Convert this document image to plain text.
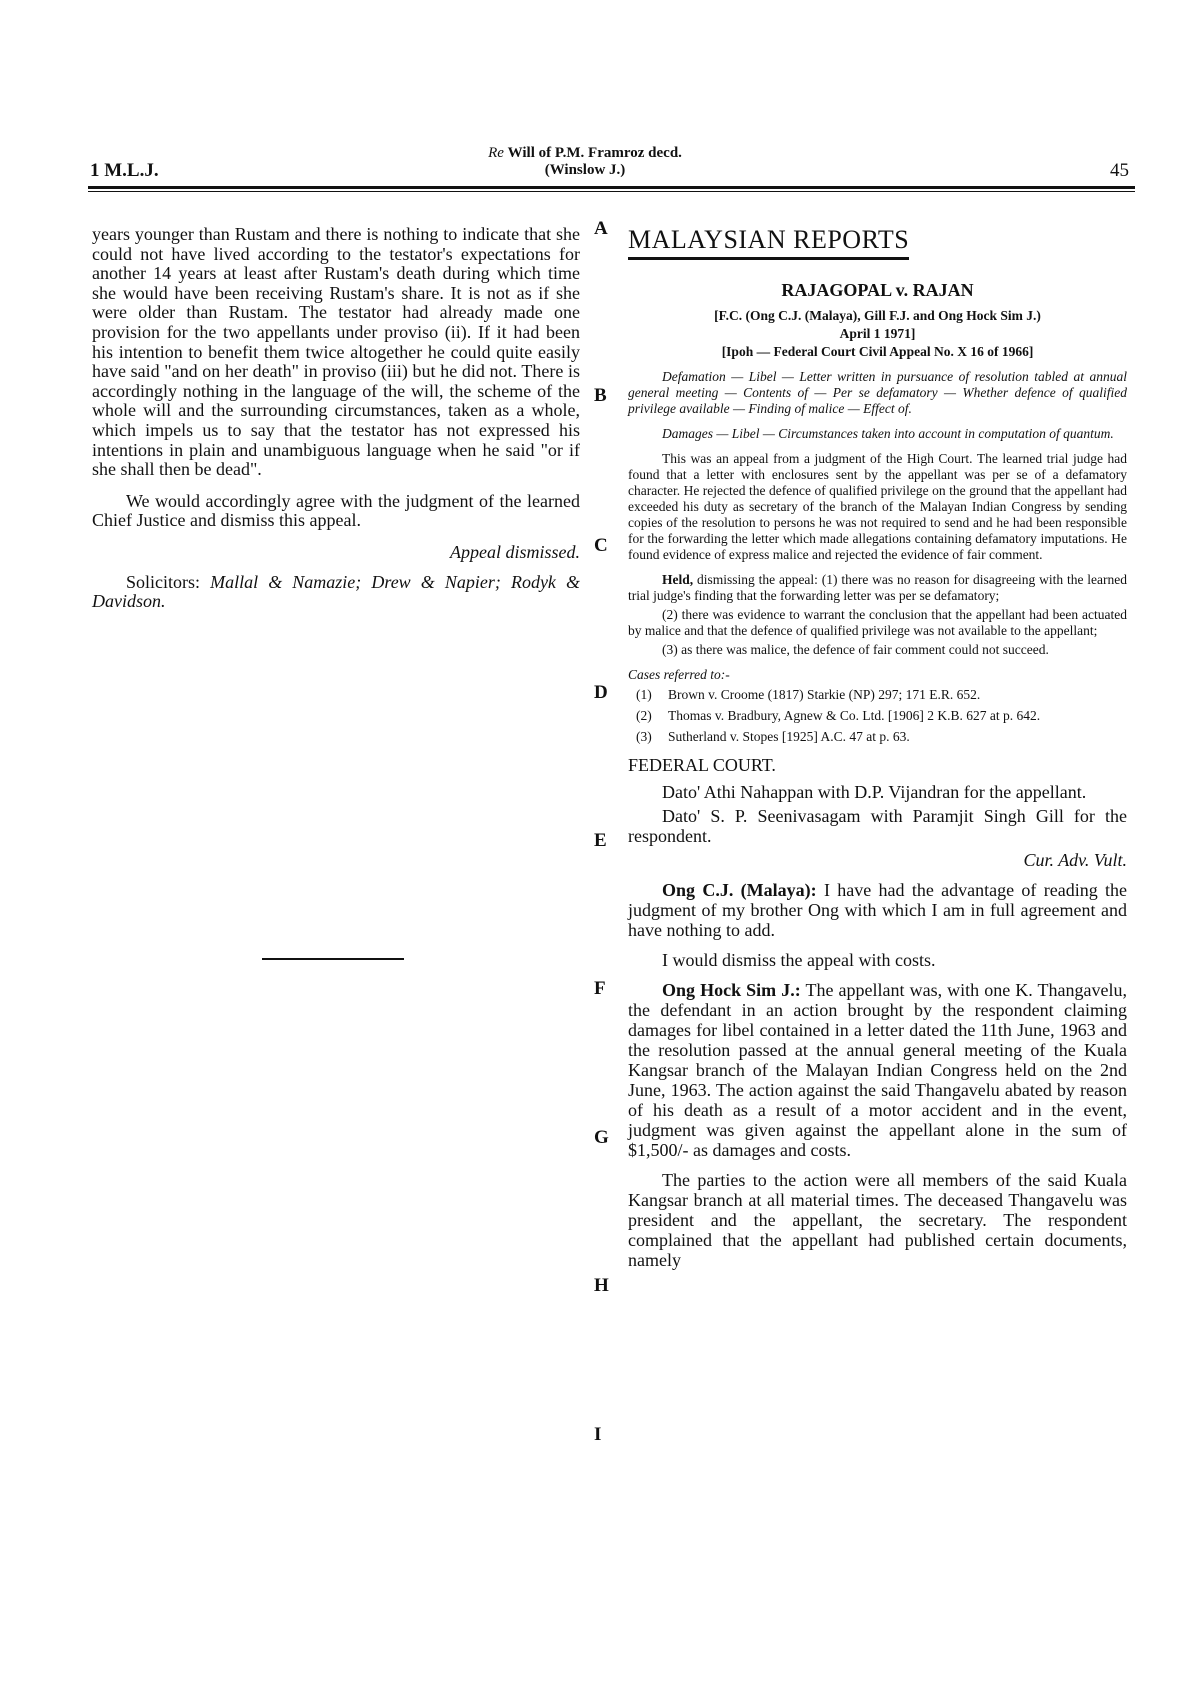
1 M.L.J.
Re Will of P.M. Framroz decd.
(Winslow J.)	45

years younger than Rustam and there is nothing to indicate that she could not have lived according to the testator's expectations for another 14 years at least after Rustam's death during which time she would have been receiving Rustam's share. It is not as if she were older than Rustam. The testator had already made one provision for the two appellants under proviso (ii). If it had been his intention to benefit them twice altogether he could quite easily have said "and on her death" in proviso (iii) but he did not. There is accordingly nothing in the language of the will, the scheme of the whole will and the surrounding circumstances, taken as a whole, which impels us to say that the testator has not expressed his intentions in plain and unambiguous language when he said "or if she shall then be dead".

We would accordingly agree with the judgment of the learned Chief Justice and dismiss this appeal.

Appeal dismissed.

Solicitors: Mallal & Namazie; Drew & Napier; Rodyk & Davidson.

A
B
C
D
E
F
G
H
I
MALAYSIAN REPORTS
RAJAGOPAL v. RAJAN
[F.C. (Ong C.J. (Malaya), Gill F.J. and Ong Hock Sim J.)
April 1 1971]
[Ipoh — Federal Court Civil Appeal No. X 16 of 1966]

Defamation — Libel — Letter written in pursuance of resolution tabled at annual general meeting — Contents of — Per se defamatory — Whether defence of qualified privilege available — Finding of malice — Effect of.

Damages — Libel — Circumstances taken into account in computation of quantum.

This was an appeal from a judgment of the High Court. The learned trial judge had found that a letter with enclosures sent by the appellant was per se of a defamatory character. He rejected the defence of qualified privilege on the ground that the appellant had exceeded his duty as secretary of the branch of the Malayan Indian Congress by sending copies of the resolution to persons he was not required to send and he had been responsible for the forwarding the letter which made allegations containing defamatory imputations. He found evidence of express malice and rejected the evidence of fair comment.

Held, dismissing the appeal: (1) there was no reason for disagreeing with the learned trial judge's finding that the forwarding letter was per se defamatory;

(2) there was evidence to warrant the conclusion that the appellant had been actuated by malice and that the defence of qualified privilege was not available to the appellant;

(3) as there was malice, the defence of fair comment could not succeed.

Cases referred to:-
(1)	Brown v. Croome (1817) Starkie (NP) 297; 171 E.R. 652.
(2)	Thomas v. Bradbury, Agnew & Co. Ltd. [1906] 2 K.B. 627 at p. 642.
(3)	Sutherland v. Stopes [1925] A.C. 47 at p. 63.
FEDERAL COURT.

Dato' Athi Nahappan with D.P. Vijandran for the appellant.

Dato' S. P. Seenivasagam with Paramjit Singh Gill for the respondent.

Cur. Adv. Vult.

Ong C.J. (Malaya): I have had the advantage of reading the judgment of my brother Ong with which I am in full agreement and have nothing to add.

I would dismiss the appeal with costs.

Ong Hock Sim J.: The appellant was, with one K. Thangavelu, the defendant in an action brought by the respondent claiming damages for libel contained in a letter dated the 11th June, 1963 and the resolution passed at the annual general meeting of the Kuala Kangsar branch of the Malayan Indian Congress held on the 2nd June, 1963. The action against the said Thangavelu abated by reason of his death as a result of a motor accident and in the event, judgment was given against the appellant alone in the sum of $1,500/- as damages and costs.

The parties to the action were all members of the said Kuala Kangsar branch at all material times. The deceased Thangavelu was president and the appellant, the secretary. The respondent complained that the appellant had published certain documents, namely
